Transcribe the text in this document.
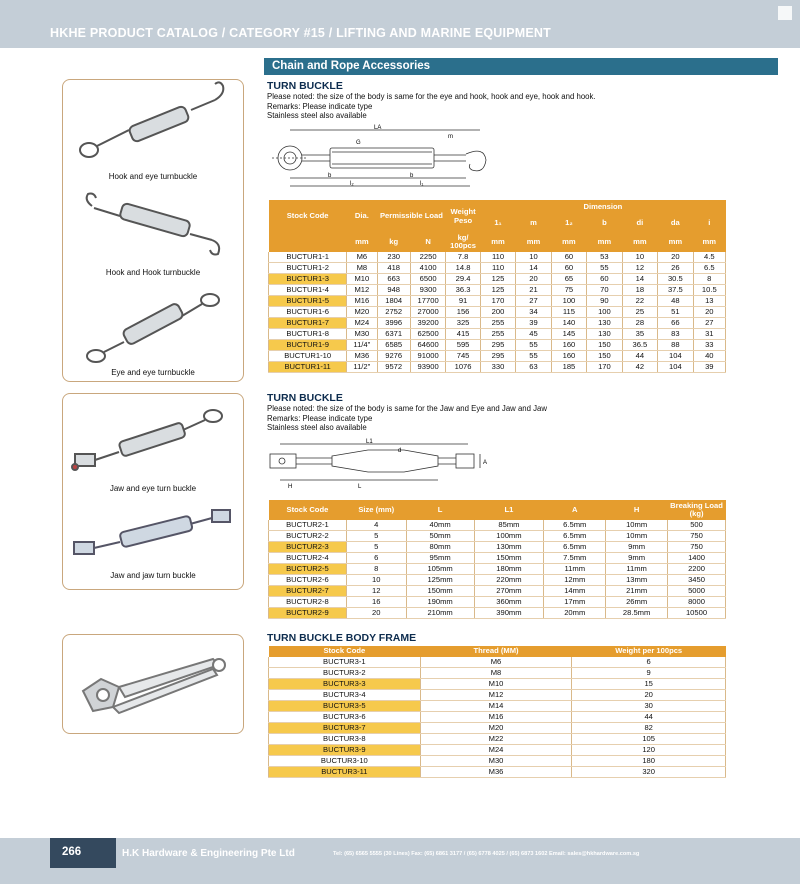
HKHE PRODUCT CATALOG / CATEGORY #15 / LIFTING AND MARINE EQUIPMENT
Chain and Rope Accessories
Hook and eye turnbuckle
Hook and Hook turnbuckle
Eye and eye turnbuckle
Jaw and eye turn buckle
Jaw and jaw turn buckle
TURN BUCKLE
Please noted: the size of the body is same for the eye and hook, hook and eye, hook and hook.
Remarks: Please indicate type
Stainless steel also available
LA
m
G
b	b
l₂	l₁
Stock Code	Dia.	Permissible Load		Weight Peso	Dimension						
					1₁	m	1₂	b	di	da	i
	mm	kg	N	kg/ 100pcs	mm	mm	mm	mm	mm	mm	mm
BUCTUR1-1	M6	230	2250	7.8	110	10	60	53	10	20	4.5
BUCTUR1-2	M8	418	4100	14.8	110	14	60	55	12	26	6.5
BUCTUR1-3	M10	663	6500	29.4	125	20	65	60	14	30.5	8
BUCTUR1-4	M12	948	9300	36.3	125	21	75	70	18	37.5	10.5
BUCTUR1-5	M16	1804	17700	91	170	27	100	90	22	48	13
BUCTUR1-6	M20	2752	27000	156	200	34	115	100	25	51	20
BUCTUR1-7	M24	3996	39200	325	255	39	140	130	28	66	27
BUCTUR1-8	M30	6371	62500	415	255	45	145	130	35	83	31
BUCTUR1-9	11/4"	6585	64600	595	295	55	160	150	36.5	88	33
BUCTUR1-10	M36	9276	91000	745	295	55	160	150	44	104	40
BUCTUR1-11	11/2"	9572	93900	1076	330	63	185	170	42	104	39
TURN BUCKLE
Please noted: the size of the body is same for the Jaw and Eye and Jaw and Jaw
Remarks: Please indicate type
Stainless steel also available
L1
L
H
A
d
Stock Code	Size (mm)	L	L1	A	H	Breaking Load (kg)
BUCTUR2-1	4	40mm	85mm	6.5mm	10mm	500
BUCTUR2-2	5	50mm	100mm	6.5mm	10mm	750
BUCTUR2-3	5	80mm	130mm	6.5mm	9mm	750
BUCTUR2-4	6	95mm	150mm	7.5mm	9mm	1400
BUCTUR2-5	8	105mm	180mm	11mm	11mm	2200
BUCTUR2-6	10	125mm	220mm	12mm	13mm	3450
BUCTUR2-7	12	150mm	270mm	14mm	21mm	5000
BUCTUR2-8	16	190mm	360mm	17mm	26mm	8000
BUCTUR2-9	20	210mm	390mm	20mm	28.5mm	10500
TURN BUCKLE BODY FRAME
Stock Code	Thread (MM)	Weight per 100pcs
BUCTUR3-1	M6	6
BUCTUR3-2	M8	9
BUCTUR3-3	M10	15
BUCTUR3-4	M12	20
BUCTUR3-5	M14	30
BUCTUR3-6	M16	44
BUCTUR3-7	M20	82
BUCTUR3-8	M22	105
BUCTUR3-9	M24	120
BUCTUR3-10	M30	180
BUCTUR3-11	M36	320
266	H.K Hardware & Engineering Pte Ltd	Tel: (65) 6565 5555 (30 Lines) Fax: (65) 6861 3177 / (65) 6778 4025 / (65) 6873 1602 Email: sales@hkhardware.com.sg
